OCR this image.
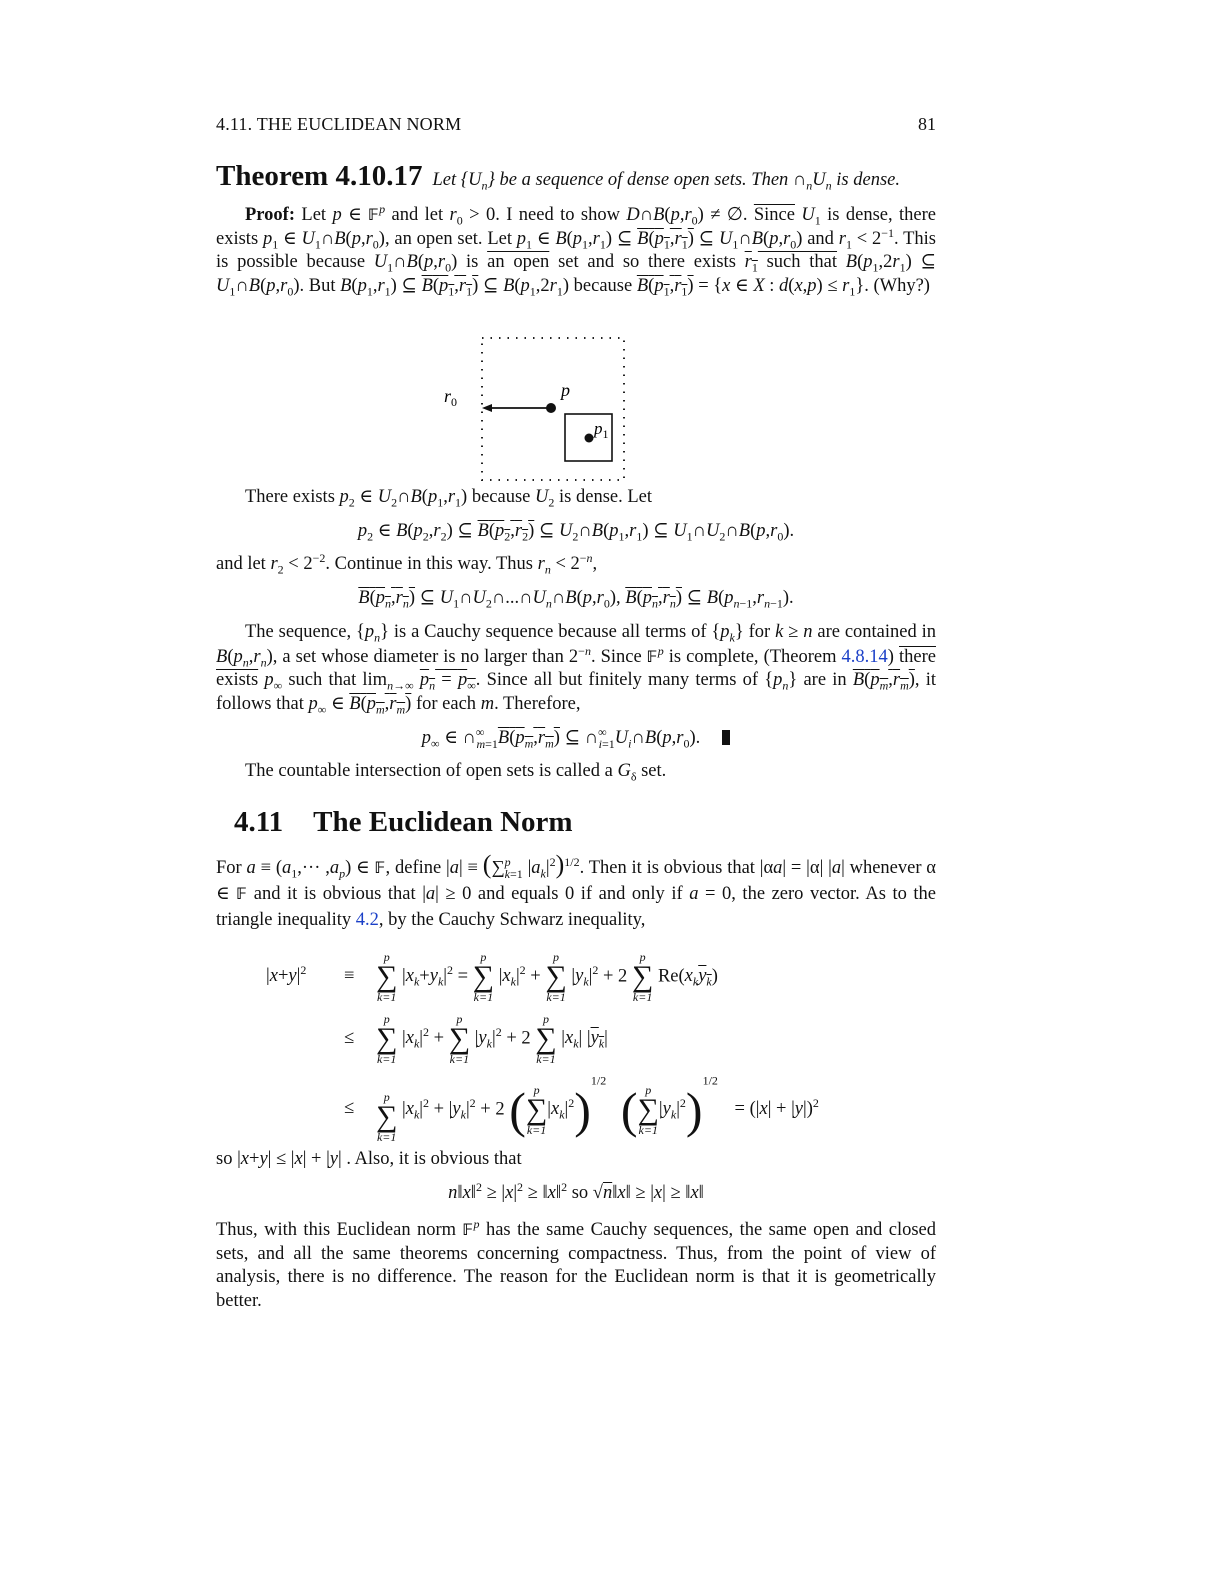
4.11. THE EUCLIDEAN NORM	81
Theorem 4.10.17 Let $\{U_n\}$ be a sequence of dense open sets. Then $\cap_nU_n$ is dense.

Proof: Let p ∈ 𝔽$^p$ and let $r_0 > 0$. I need to show $D\cap B(p,r_0)$ ≠ ∅. Since $U_1$ is dense, there exists $p_1$ ∈ $U_1\cap B(p,r_0)$, an open set. Let $p_1$ ∈ $B(p_1,r_1)$ ⊆ $B(p_1,r_1)$ ⊆ $U_1\cap B(p,r_0)$ and $r_1 < 2^{-1}$. This is possible because $U_1\cap B(p,r_0)$ is an open set and so there exists $r_1$ such that $B(p_1,2r_1)$ ⊆ $U_1\cap B(p,r_0)$. But $B(p_1,r_1)$ ⊆ $B(p_1,r_1)$ ⊆ $B(p_1,2r_1)$ because $B(p_1,r_1) = \{x$ ∈ X : $d(x,p) \le r_1$}. (Why?)

$r_0$
p
$p_1$

There exists $p_2$ ∈ $U_2\cap B(p_1,r_1)$ because $U_2$ is dense. Let

$p_2$ ∈ $B(p_2,r_2)$ ⊆ $B(p_2,r_2)$ ⊆ $U_2\cap B(p_1,r_1)$ ⊆ $U_1\cap U_2\cap B(p,r_0)$.

and let $r_2 < 2^{-2}$. Continue in this way. Thus $r_n < 2^{-n}$,

$B(p_n,r_n)$ ⊆ $U_1\cap U_2\cap...\cap U_n\cap B(p,r_0)$, $B(p_n,r_n)$ ⊆ $B(p_{n-1},r_{n-1})$.

The sequence, $\{p_n\}$ is a Cauchy sequence because all terms of $\{p_k\}$ for k ≥ n are contained in $B(p_n,r_n)$, a set whose diameter is no larger than $2^{-n}$. Since 𝔽$^p$ is complete, (Theorem 4.8.14) there exists $p_\infty$ such that $\lim_{n\to\infty} p_n = p_\infty$. Since all but finitely many terms of $\{p_n\}$ are in $B(p_m,r_m)$, it follows that $p_\infty$ ∈ $B(p_m,r_m)$ for each m. Therefore,

$p_\infty$ ∈ $\cap^\infty_{m=1}B(p_m,r_m)$ ⊆ $\cap^\infty_{i=1}U_i\cap B(p,r_0)$.

The countable intersection of open sets is called a $G_\delta$ set.

4.11 The Euclidean Norm

For $a \equiv (a_1,\cdot\cdot\cdot ,a_p)$ ∈ 𝔽, define |a| ≡ (∑$^p_{k=1}$ $|a_k|^2)^{1/2}$. Then it is obvious that |αa| = |α| |a| whenever α ∈ 𝔽 and it is obvious that |a| ≥ 0 and equals 0 if and only if a = 0, the zero vector. As to the triangle inequality 4.2, by the Cauchy Schwarz inequality,

$|x+y|^2$ ≡
p
∑
k=1
$|x_k+y_k|^2$ =
p
∑
k=1
$|x_k|^2$ +
p
∑
k=1
$|y_k|^2 + 2$
p
∑
k=1
$Re(x_ky_k)$
≤
p
∑
k=1
$|x_k|^2$ +
p
∑
k=1
$|y_k|^2 + 2$
p
∑
k=1
$|x_k|$ $|y_k|$
≤

p
∑
k=1
$|x_k|^2 + |y_k|^2 + 2$ ( p
∑
k=1
$|x_k|^2)^{1/2}$ ( p
∑
k=1
$|y_k|^2)^{1/2} = (|x| + |y|)^2$

so |x+y| ≤ |x| + |y| . Also, it is obvious that

n‖x‖$^2$ ≥ $|x|^2$ ≥ ‖x‖$^2$ so √n‖x‖ ≥ |x| ≥ ‖x‖

Thus, with this Euclidean norm 𝔽$^p$ has the same Cauchy sequences, the same open and closed sets, and all the same theorems concerning compactness. Thus, from the point of view of analysis, there is no difference. The reason for the Euclidean norm is that it is geometrically better.
